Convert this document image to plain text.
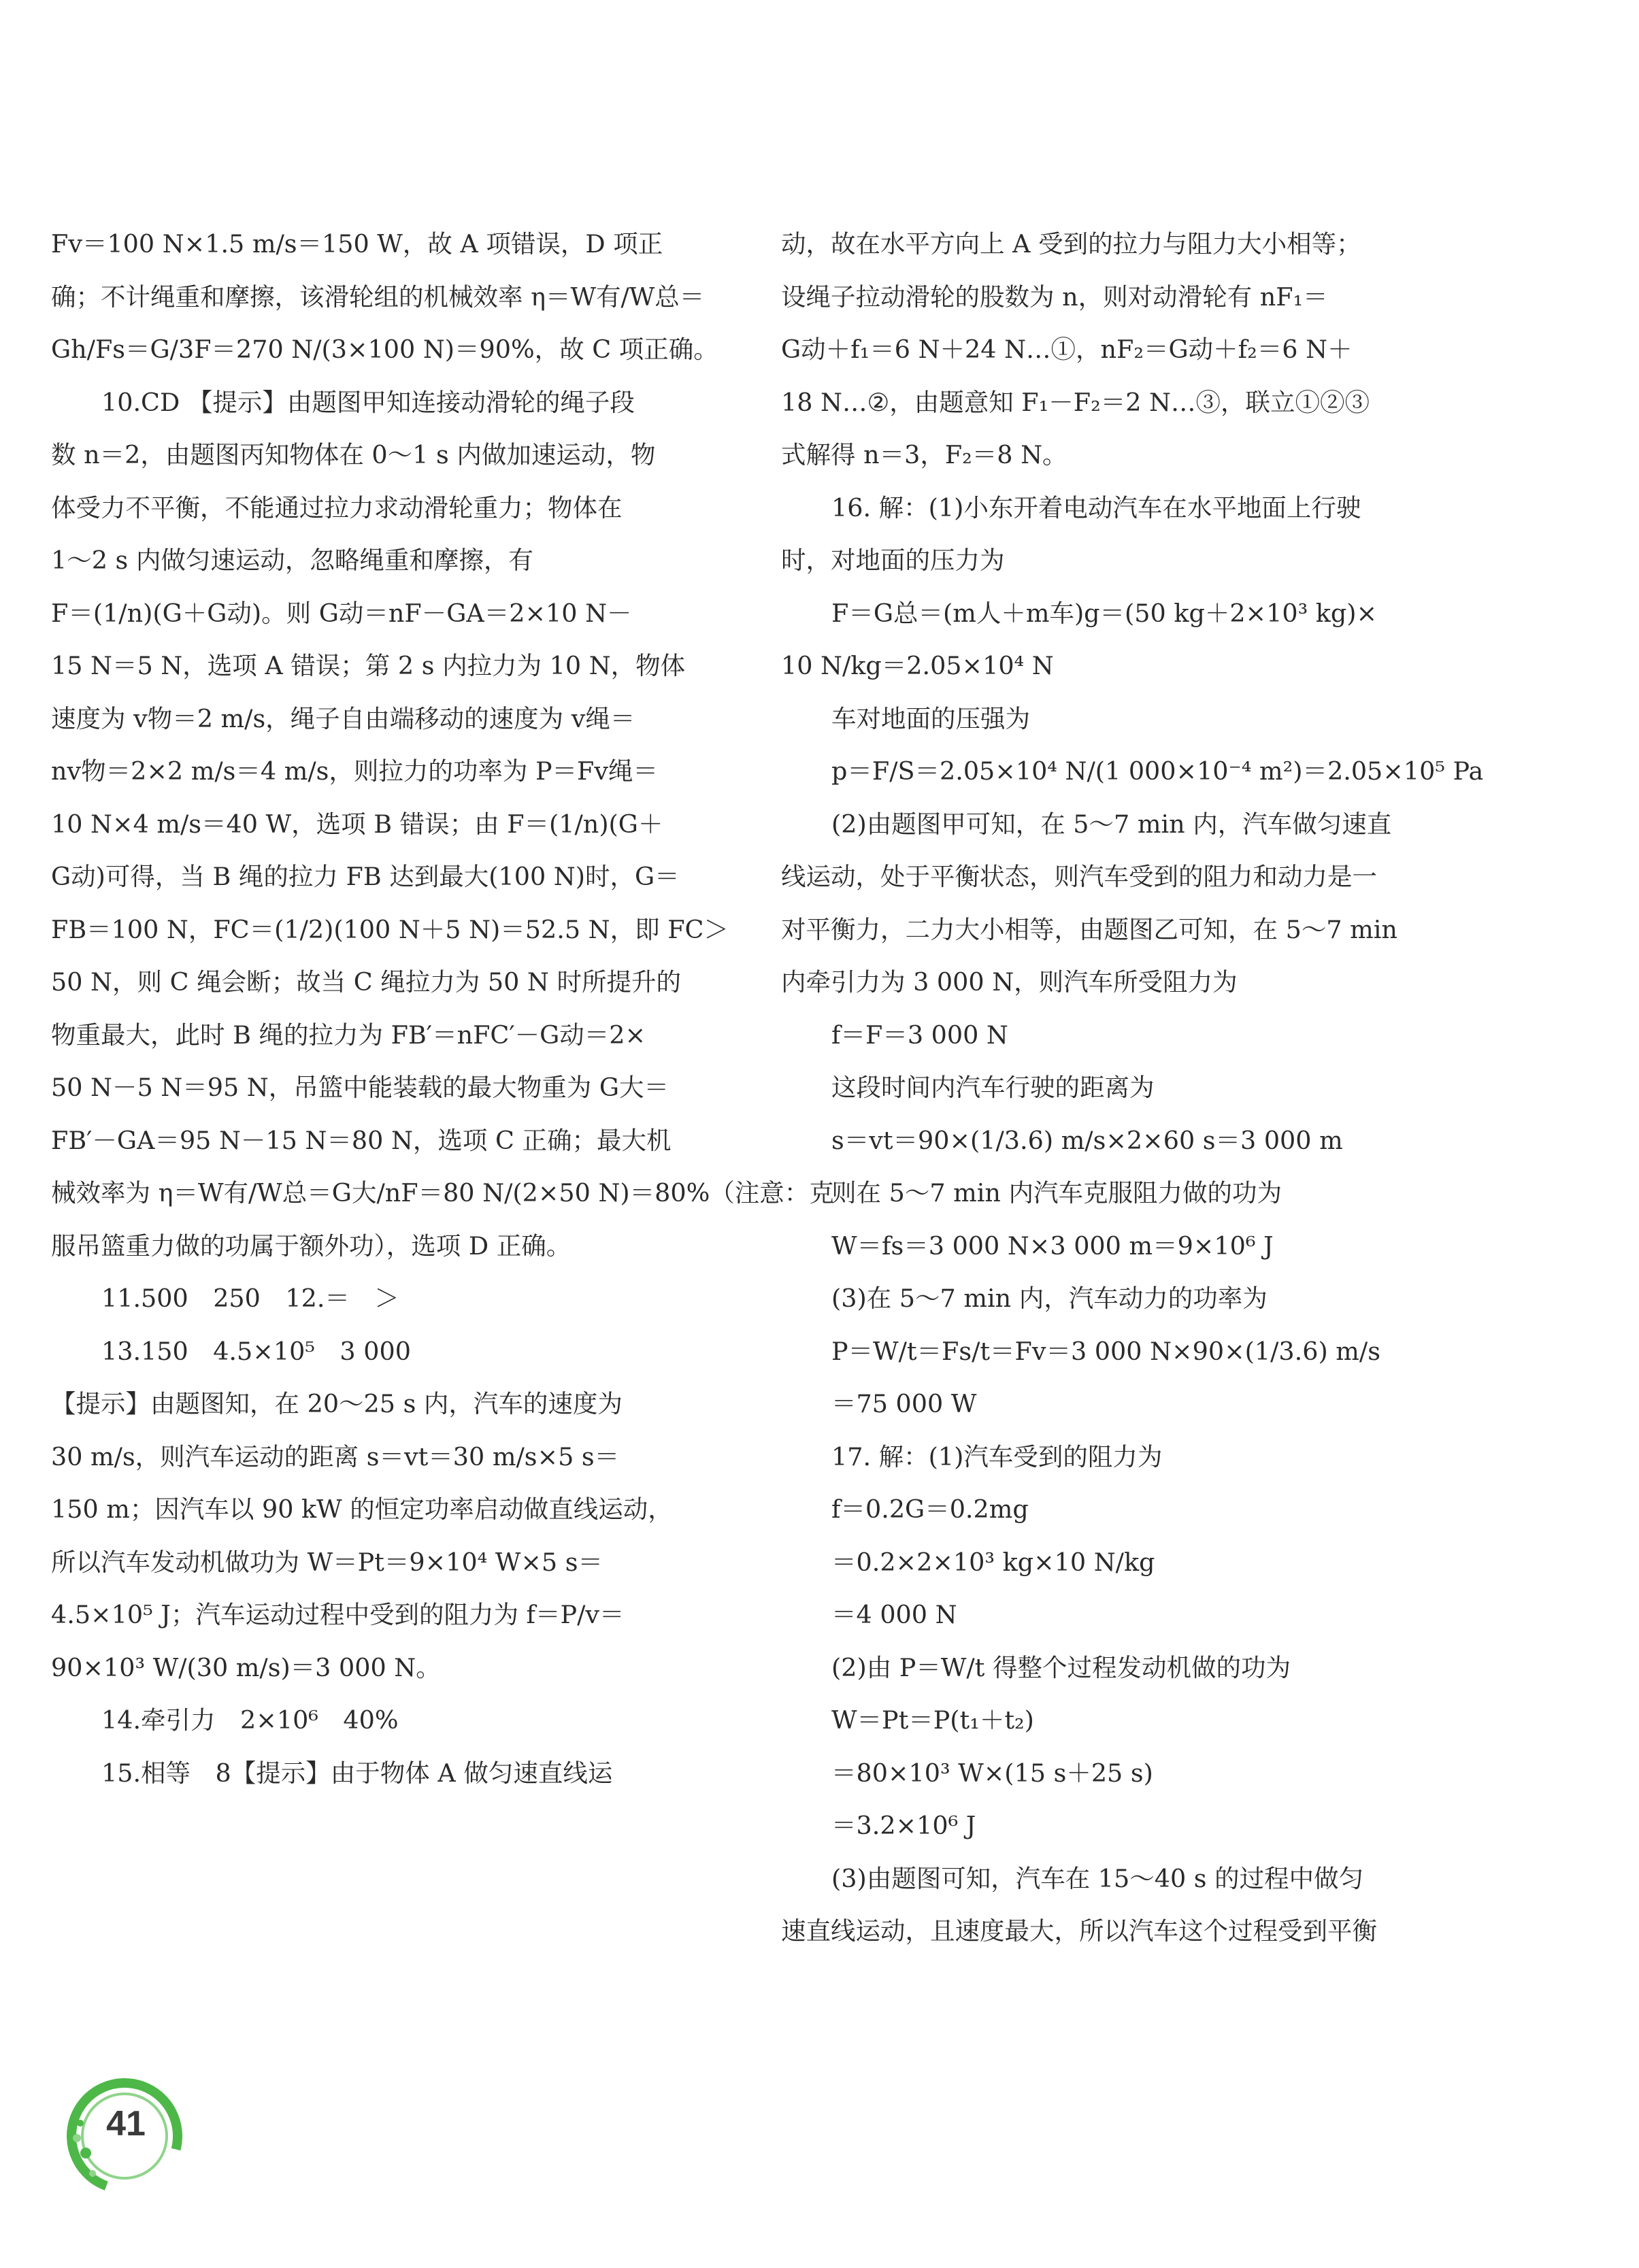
Fv＝100 N×1.5 m/s＝150 W，故 A 项错误，D 项正
确；不计绳重和摩擦，该滑轮组的机械效率 η＝W有/W总＝
Gh/Fs＝G/3F＝270 N/(3×100 N)＝90%，故 C 项正确。
10.CD 【提示】由题图甲知连接动滑轮的绳子段
数 n＝2，由题图丙知物体在 0～1 s 内做加速运动，物
体受力不平衡，不能通过拉力求动滑轮重力；物体在
1～2 s 内做匀速运动，忽略绳重和摩擦，有
F＝(1/n)(G＋G动)。则 G动＝nF－GA＝2×10 N－
15 N＝5 N，选项 A 错误；第 2 s 内拉力为 10 N，物体
速度为 v物＝2 m/s，绳子自由端移动的速度为 v绳＝
nv物＝2×2 m/s＝4 m/s，则拉力的功率为 P＝Fv绳＝
10 N×4 m/s＝40 W，选项 B 错误；由 F＝(1/n)(G＋
G动)可得，当 B 绳的拉力 FB 达到最大(100 N)时，G＝
FB＝100 N，FC＝(1/2)(100 N＋5 N)＝52.5 N，即 FC＞
50 N，则 C 绳会断；故当 C 绳拉力为 50 N 时所提升的
物重最大，此时 B 绳的拉力为 FB′＝nFC′－G动＝2×
50 N－5 N＝95 N，吊篮中能装载的最大物重为 G大＝
FB′－GA＝95 N－15 N＝80 N，选项 C 正确；最大机
械效率为 η＝W有/W总＝G大/nF＝80 N/(2×50 N)＝80%（注意：克
服吊篮重力做的功属于额外功），选项 D 正确。
11.500　250　12.＝　＞
13.150　4.5×10⁵　3 000
【提示】由题图知，在 20～25 s 内，汽车的速度为
30 m/s，则汽车运动的距离 s＝vt＝30 m/s×5 s＝
150 m；因汽车以 90 kW 的恒定功率启动做直线运动，
所以汽车发动机做功为 W＝Pt＝9×10⁴ W×5 s＝
4.5×10⁵ J；汽车运动过程中受到的阻力为 f＝P/v＝
90×10³ W/(30 m/s)＝3 000 N。
14.牵引力　2×10⁶　40%
15.相等　8【提示】由于物体 A 做匀速直线运
动，故在水平方向上 A 受到的拉力与阻力大小相等；
设绳子拉动滑轮的股数为 n，则对动滑轮有 nF₁＝
G动＋f₁＝6 N＋24 N…①，nF₂＝G动＋f₂＝6 N＋
18 N…②，由题意知 F₁－F₂＝2 N…③，联立①②③
式解得 n＝3，F₂＝8 N。
16. 解：(1)小东开着电动汽车在水平地面上行驶
时，对地面的压力为
F＝G总＝(m人＋m车)g＝(50 kg＋2×10³ kg)×
10 N/kg＝2.05×10⁴ N
车对地面的压强为
p＝F/S＝2.05×10⁴ N/(1 000×10⁻⁴ m²)＝2.05×10⁵ Pa
(2)由题图甲可知，在 5～7 min 内，汽车做匀速直
线运动，处于平衡状态，则汽车受到的阻力和动力是一
对平衡力，二力大小相等，由题图乙可知，在 5～7 min
内牵引力为 3 000 N，则汽车所受阻力为
f＝F＝3 000 N
这段时间内汽车行驶的距离为
s＝vt＝90×(1/3.6) m/s×2×60 s＝3 000 m
则在 5～7 min 内汽车克服阻力做的功为
W＝fs＝3 000 N×3 000 m＝9×10⁶ J
(3)在 5～7 min 内，汽车动力的功率为
P＝W/t＝Fs/t＝Fv＝3 000 N×90×(1/3.6) m/s
＝75 000 W
17. 解：(1)汽车受到的阻力为
f＝0.2G＝0.2mg
＝0.2×2×10³ kg×10 N/kg
＝4 000 N
(2)由 P＝W/t 得整个过程发动机做的功为
W＝Pt＝P(t₁＋t₂)
＝80×10³ W×(15 s＋25 s)
＝3.2×10⁶ J
(3)由题图可知，汽车在 15～40 s 的过程中做匀
速直线运动，且速度最大，所以汽车这个过程受到平衡
41
